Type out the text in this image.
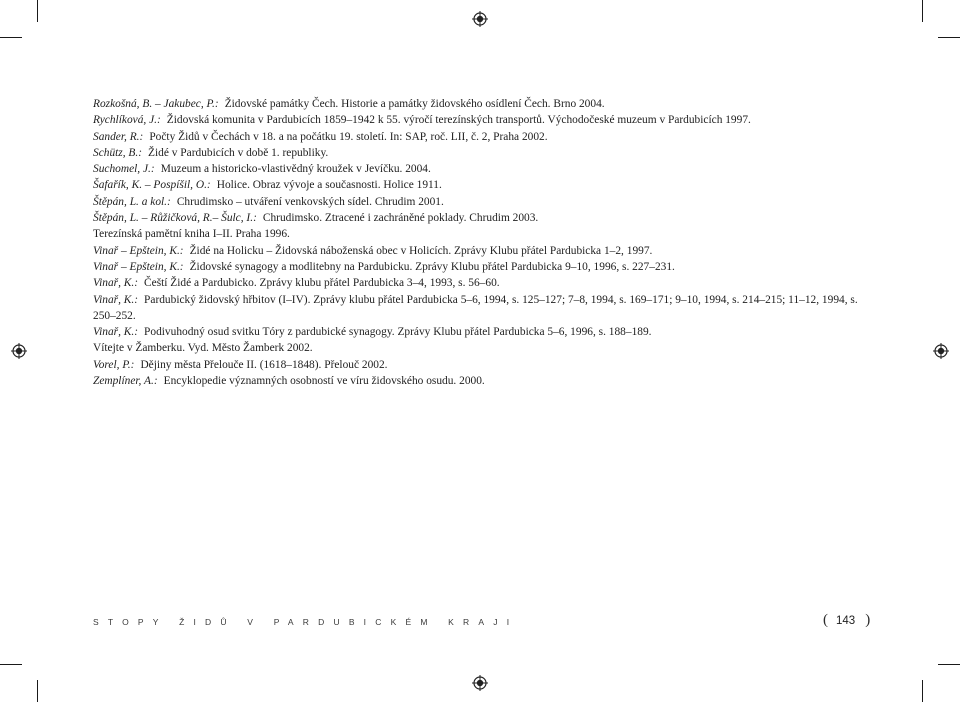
Rozkošná, B. – Jakubec, P.: Židovské památky Čech. Historie a památky židovského osídlení Čech. Brno 2004.

Rychlíková, J.: Židovská komunita v Pardubicích 1859–1942 k 55. výročí terezínských transportů. Východočeské muzeum v Pardubicích 1997.

Sander, R.: Počty Židů v Čechách v 18. a na počátku 19. století. In: SAP, roč. LII, č. 2, Praha 2002.

Schütz, B.: Židé v Pardubicích v době 1. republiky.

Suchomel, J.: Muzeum a historicko-vlastivědný kroužek v Jevíčku. 2004.

Šafařík, K. – Pospíšil, O.: Holice. Obraz vývoje a současnosti. Holice 1911.

Štěpán, L. a kol.: Chrudimsko – utváření venkovských sídel. Chrudim 2001.

Štěpán, L. – Růžičková, R.– Šulc, I.: Chrudimsko. Ztracené i zachráněné poklady. Chrudim 2003.

Terezínská pamětní kniha I–II. Praha 1996.

Vinař – Epštein, K.: Židé na Holicku – Židovská náboženská obec v Holicích. Zprávy Klubu přátel Pardubicka 1–2, 1997.

Vinař – Epštein, K.: Židovské synagogy a modlitebny na Pardubicku. Zprávy Klubu přátel Pardubicka 9–10, 1996, s. 227–231.

Vinař, K.: Čeští Židé a Pardubicko. Zprávy klubu přátel Pardubicka 3–4, 1993, s. 56–60.

Vinař, K.: Pardubický židovský hřbitov (I–IV). Zprávy klubu přátel Pardubicka 5–6, 1994, s. 125–127; 7–8, 1994, s. 169–171; 9–10, 1994, s. 214–215; 11–12, 1994, s. 250–252.

Vinař, K.: Podivuhodný osud svitku Tóry z pardubické synagogy. Zprávy Klubu přátel Pardubicka 5–6, 1996, s. 188–189.

Vítejte v Žamberku. Vyd. Město Žamberk 2002.

Vorel, P.: Dějiny města Přelouče II. (1618–1848). Přelouč 2002.

Zemplíner, A.: Encyklopedie významných osobností ve víru židovského osudu. 2000.

STOPY ŽIDŮ V PARDUBICKÉM KRAJI	( 143 )
